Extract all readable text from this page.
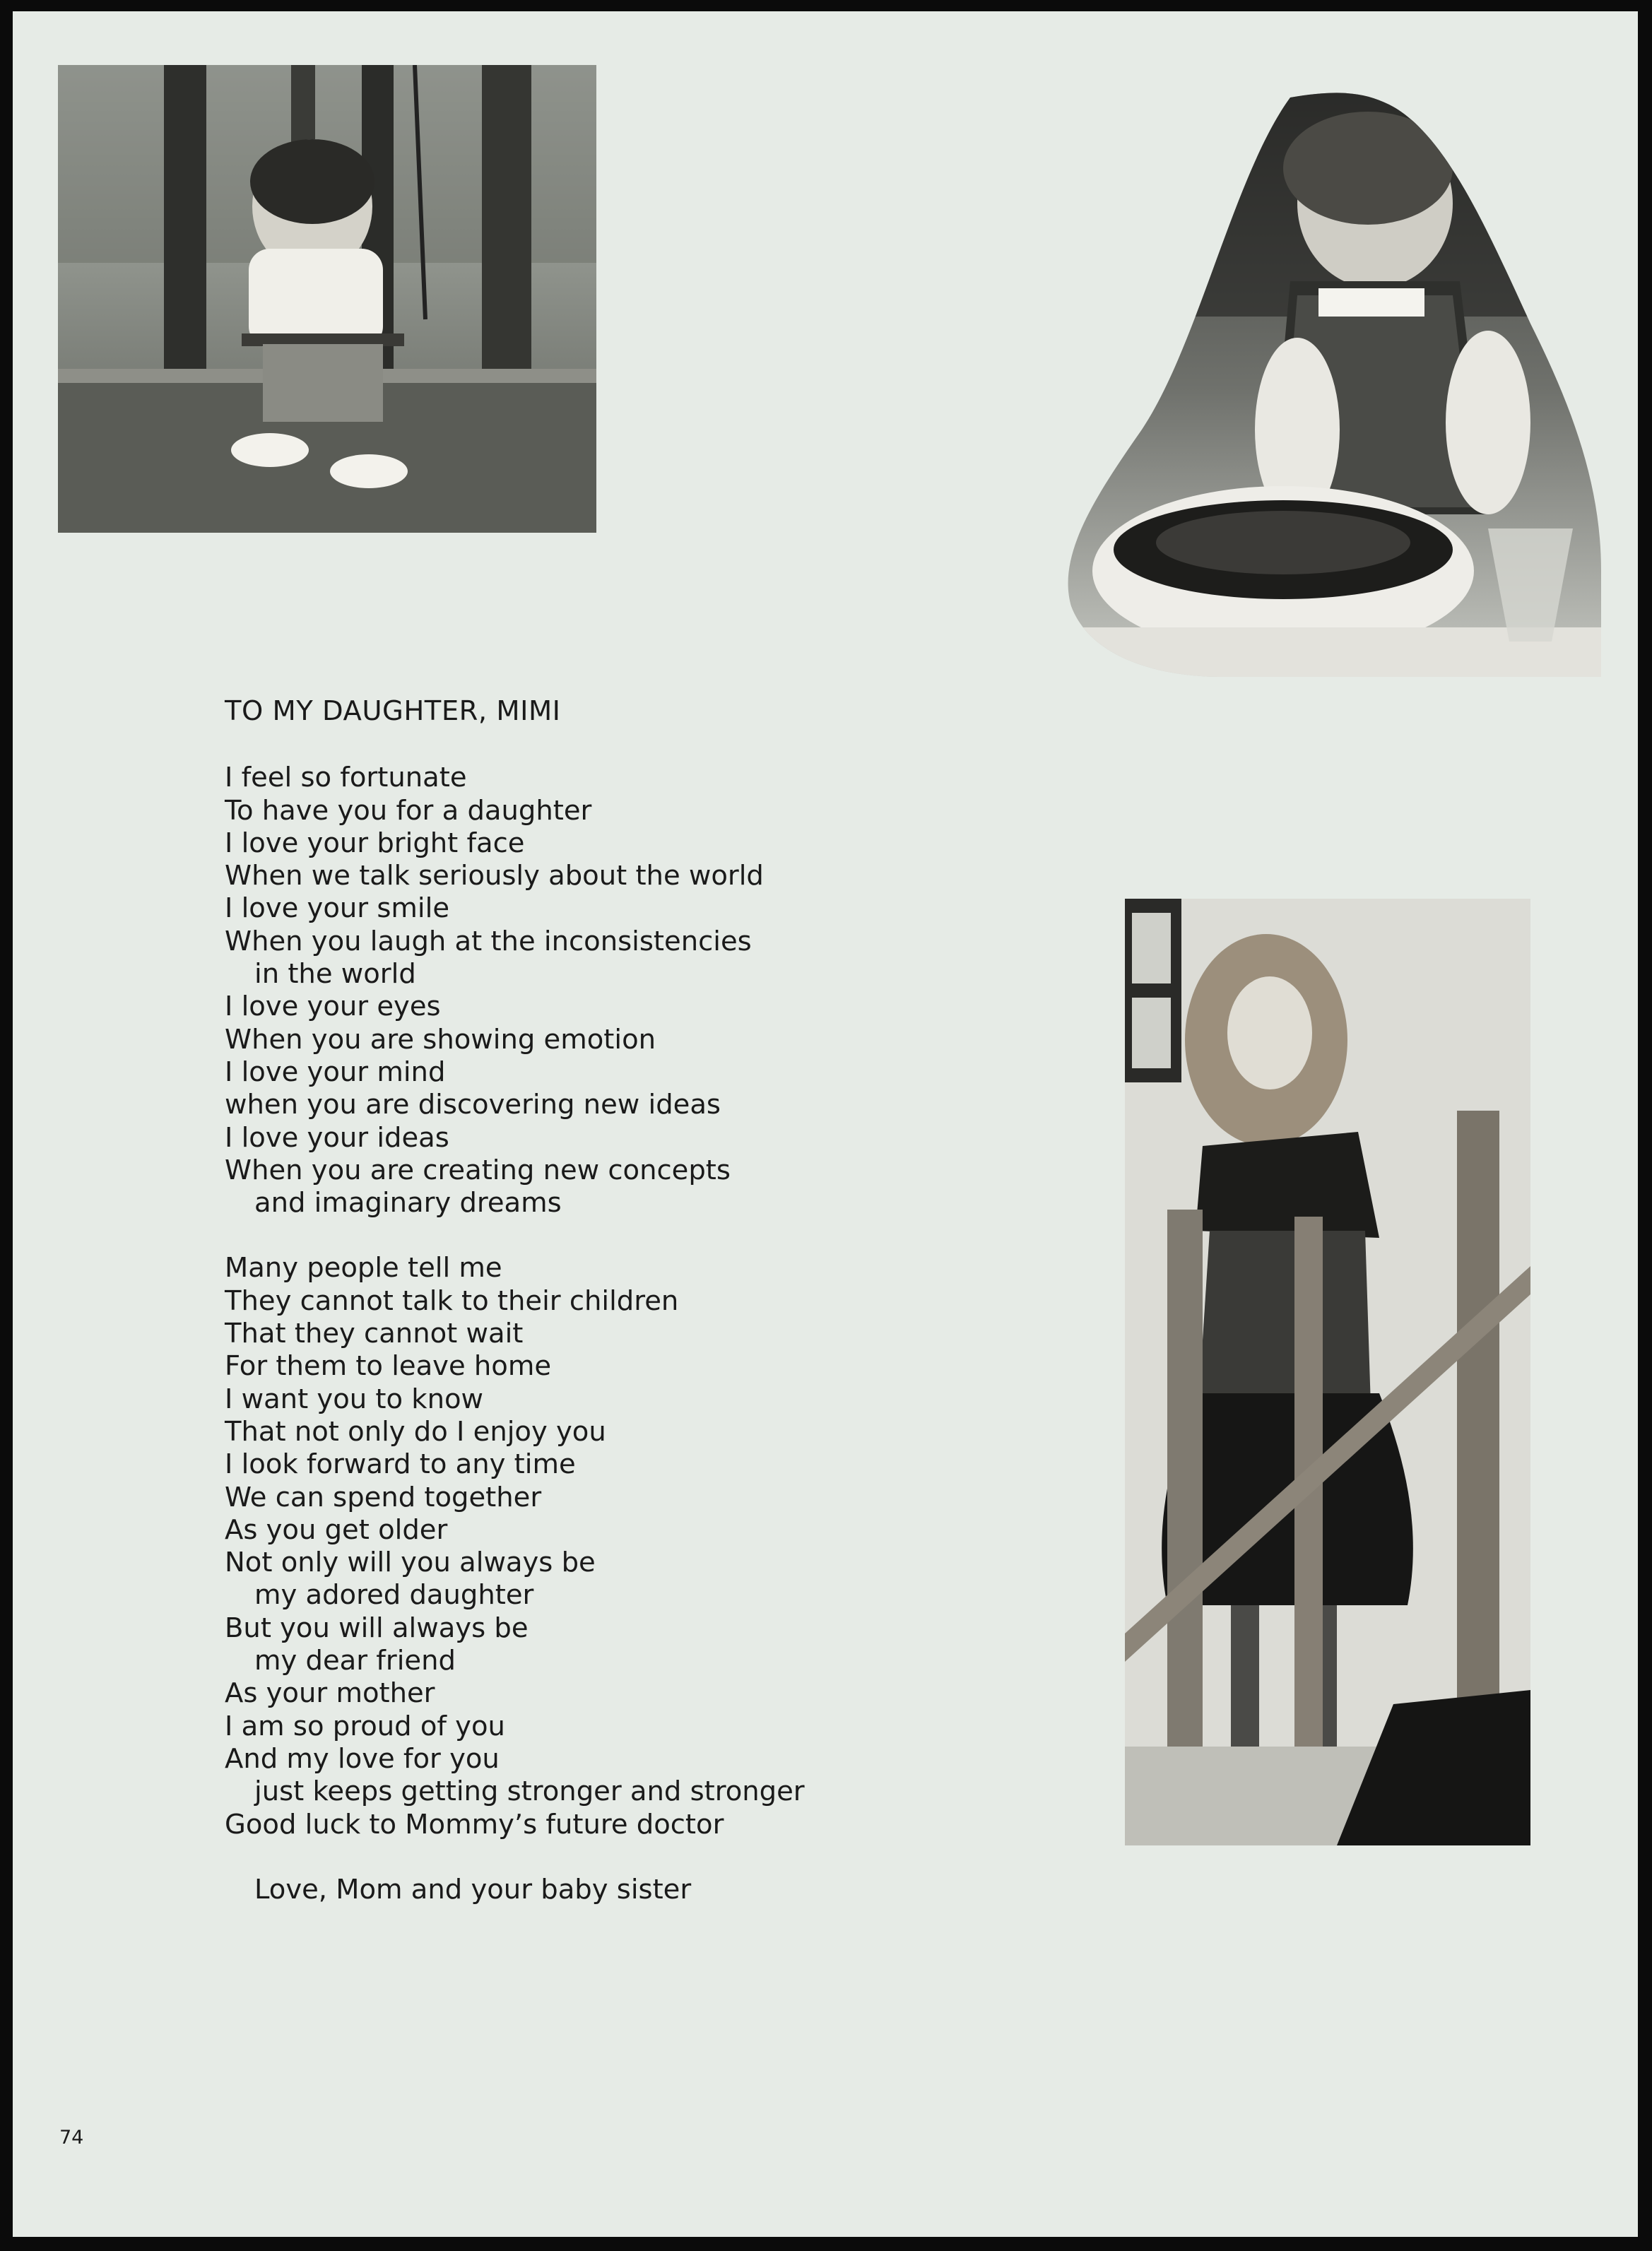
TO MY DAUGHTER, MIMI
I feel so fortunate
To have you for a daughter
I love your bright face
When we talk seriously about the world
I love your smile
When you laugh at the inconsistencies
in the world
I love your eyes
When you are showing emotion
I love your mind
when you are discovering new ideas
I love your ideas
When you are creating new concepts
and imaginary dreams
Many people tell me
They cannot talk to their children
That they cannot wait
For them to leave home
I want you to know
That not only do I enjoy you
I look forward to any time
We can spend together
As you get older
Not only will you always be
my adored daughter
But you will always be
my dear friend
As your mother
I am so proud of you
And my love for you
just keeps getting stronger and stronger
Good luck to Mommy’s future doctor
Love, Mom and your baby sister
74
